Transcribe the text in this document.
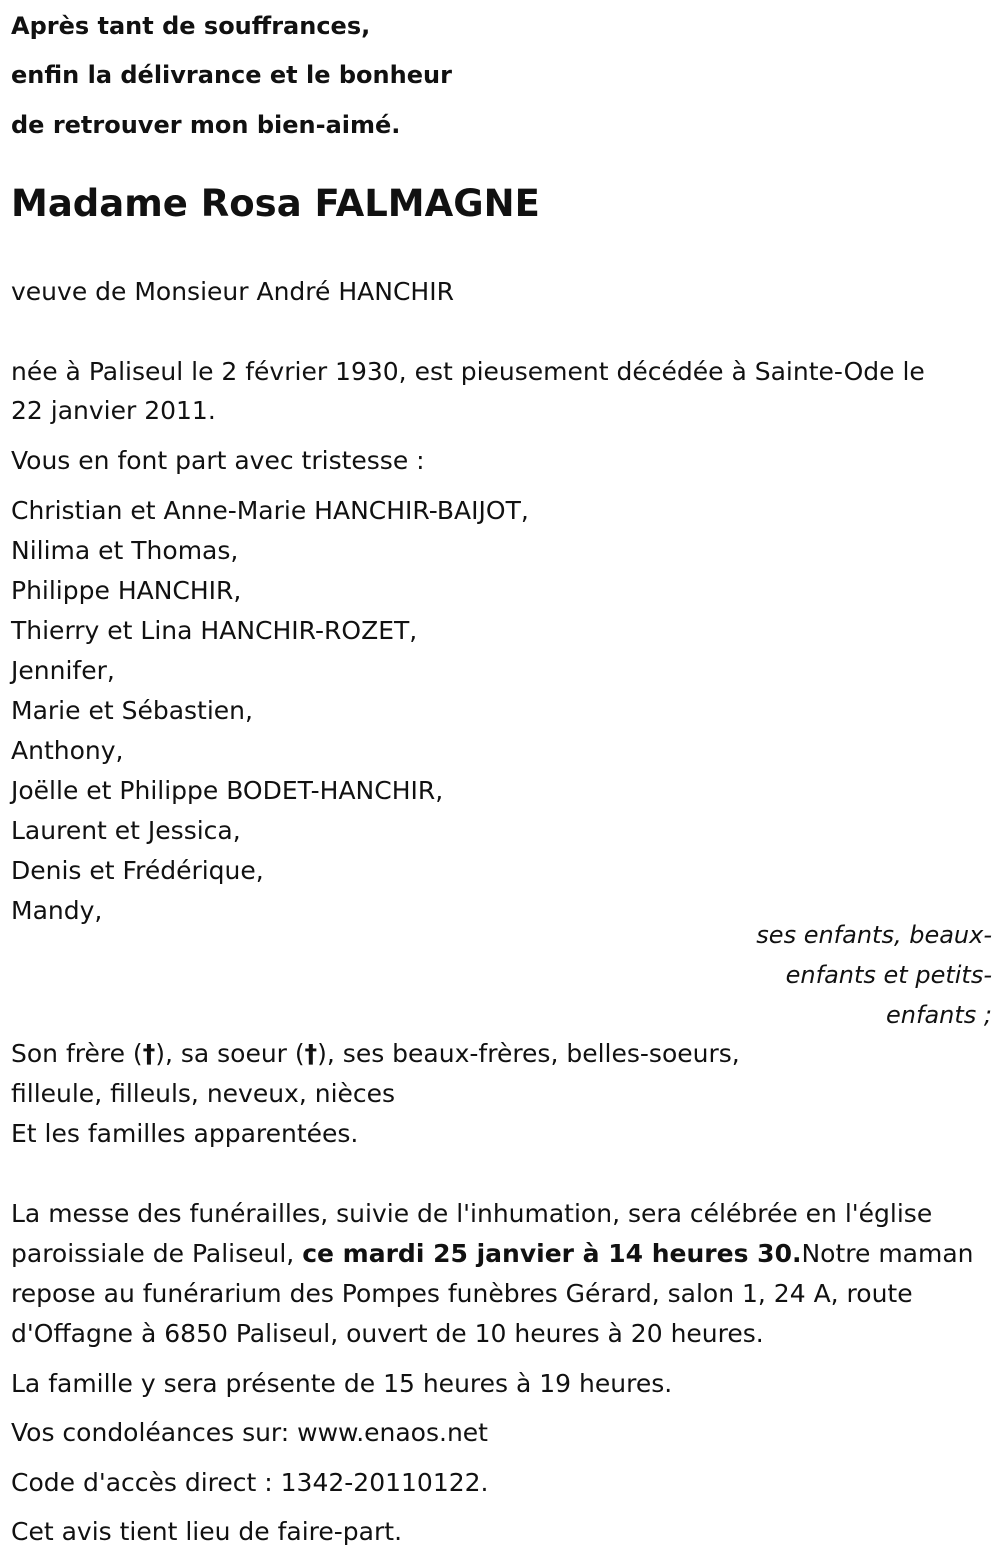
Après tant de souffrances,
enfin la délivrance et le bonheur
de retrouver mon bien-aimé.
Madame Rosa FALMAGNE
veuve de Monsieur André HANCHIR
née à Paliseul le 2 février 1930, est pieusement décédée à Sainte-Ode le
22 janvier 2011.
Vous en font part avec tristesse :
Christian et Anne-Marie HANCHIR-BAIJOT,
Nilima et Thomas,
Philippe HANCHIR,
Thierry et Lina HANCHIR-ROZET,
Jennifer,
Marie et Sébastien,
Anthony,
Joëlle et Philippe BODET-HANCHIR,
Laurent et Jessica,
Denis et Frédérique,
Mandy,
ses enfants, beaux-
enfants et petits-
enfants ;
Son frère (†), sa soeur (†), ses beaux-frères, belles-soeurs,
filleule, filleuls, neveux, nièces
Et les familles apparentées.
La messe des funérailles, suivie de l'inhumation, sera célébrée en l'église
paroissiale de Paliseul, ce mardi 25 janvier à 14 heures 30.Notre maman
repose au funérarium des Pompes funèbres Gérard, salon 1, 24 A, route
d'Offagne à 6850 Paliseul, ouvert de 10 heures à 20 heures.
La famille y sera présente de 15 heures à 19 heures.
Vos condoléances sur: www.enaos.net
Code d'accès direct : 1342-20110122.
Cet avis tient lieu de faire-part.
